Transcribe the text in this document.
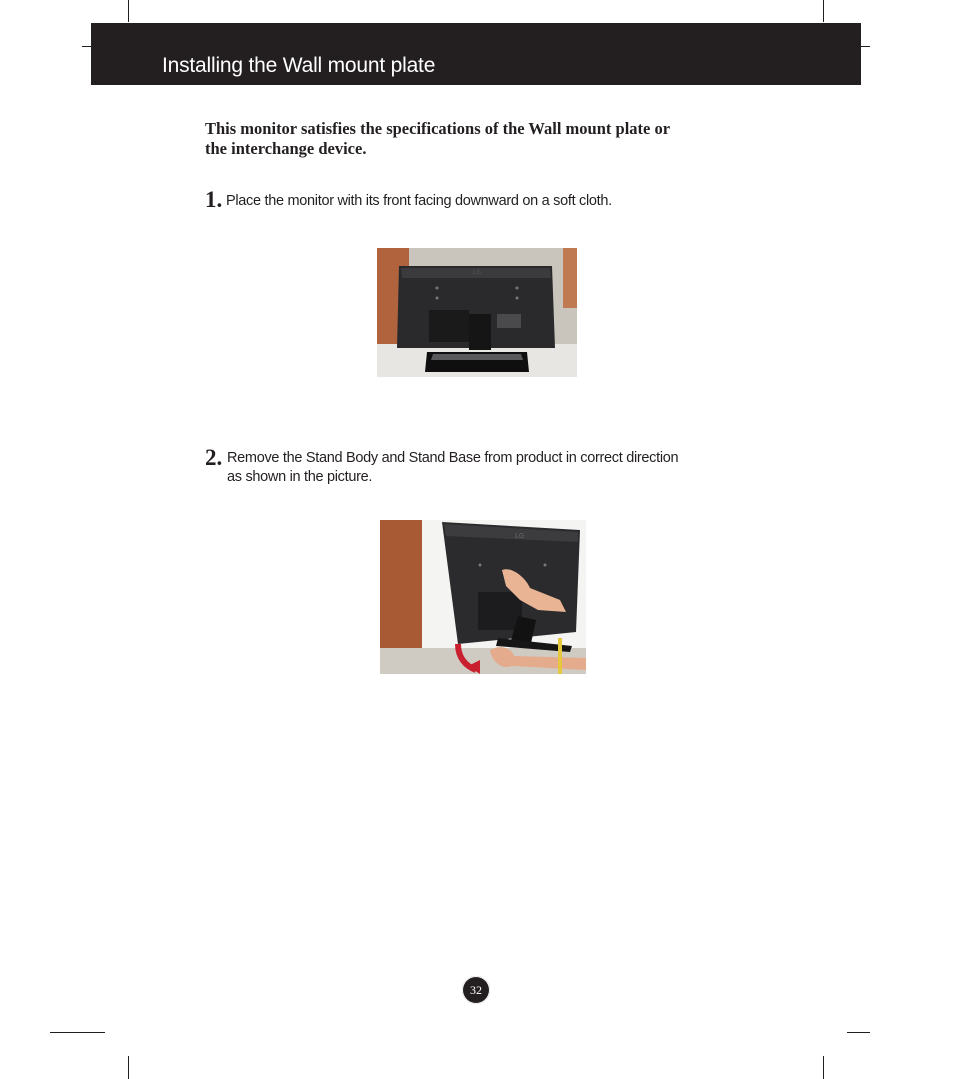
Installing the Wall mount plate
This monitor satisfies the specifications of the Wall mount plate or
the interchange device.
1. Place the monitor with its front facing downward on a soft cloth.
LG
2. Remove the Stand Body and Stand Base from product in correct direction
as shown in the picture.
LG
32
